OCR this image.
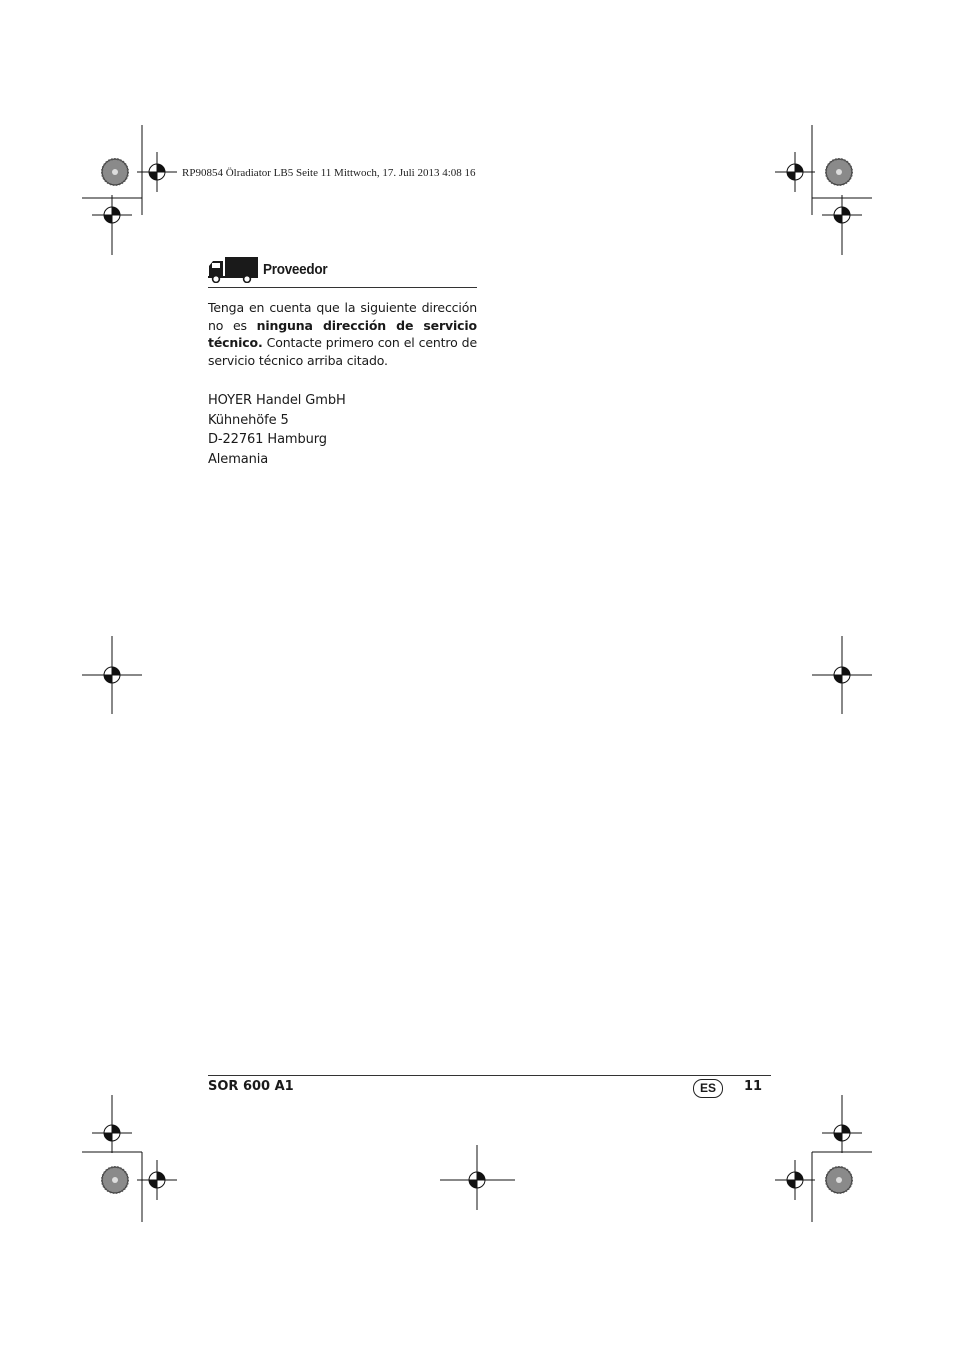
RP90854 Ölradiator LB5 Seite 11 Mittwoch, 17. Juli 2013 4:08 16
Proveedor

Tenga en cuenta que la siguiente dirección no es ninguna dirección de servicio técnico. Contacte primero con el centro de servicio técnico arriba citado.

HOYER Handel GmbH
Kühnehöfe 5
D-22761 Hamburg
Alemania
SOR 600 A1	ES	11
